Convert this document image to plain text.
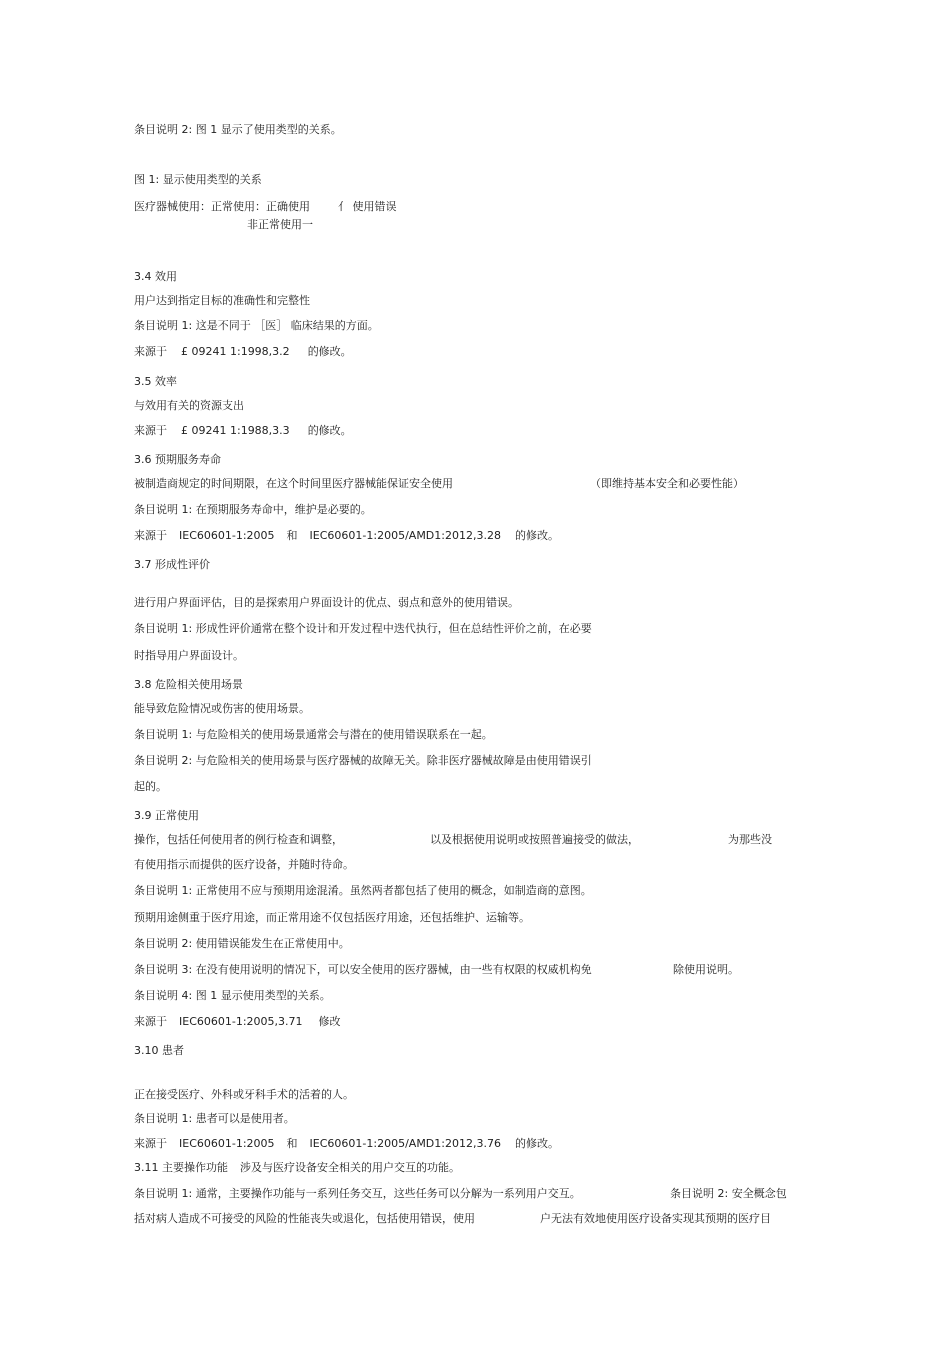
条目说明 2: 图 1 显示了使用类型的关系。
图 1: 显示使用类型的关系
医疗器械使用：正常使用：正确使用	亻 使用错误
非正常使用一
3.4 效用
用户达到指定目标的准确性和完整性
条目说明 1: 这是不同于 ［医］ 临床结果的方面。
来源于 £ 09241 1:1998,3.2 的修改。
3.5 效率
与效用有关的资源支出
来源于 £ 09241 1:1988,3.3 的修改。
3.6 预期服务寿命
被制造商规定的时间期限，在这个时间里医疗器械能保证安全使用	（即维持基本安全和必要性能）
条目说明 1: 在预期服务寿命中，维护是必要的。
来源于 IEC60601-1:2005 和 IEC60601-1:2005/AMD1:2012,3.28 的修改。
3.7 形成性评价
进行用户界面评估，目的是探索用户界面设计的优点、弱点和意外的使用错误。
条目说明 1: 形成性评价通常在整个设计和开发过程中迭代执行，但在总结性评价之前，在必要
时指导用户界面设计。
3.8 危险相关使用场景
能导致危险情况或伤害的使用场景。
条目说明 1: 与危险相关的使用场景通常会与潜在的使用错误联系在一起。
条目说明 2: 与危险相关的使用场景与医疗器械的故障无关。除非医疗器械故障是由使用错误引
起的。
3.9 正常使用
操作，包括任何使用者的例行检查和调整，	以及根据使用说明或按照普遍接受的做法，	为那些没
有使用指示而提供的医疗设备，并随时待命。
条目说明 1: 正常使用不应与预期用途混淆。虽然两者都包括了使用的概念，如制造商的意图。
预期用途侧重于医疗用途，而正常用途不仅包括医疗用途，还包括维护、运输等。
条目说明 2: 使用错误能发生在正常使用中。
条目说明 3: 在没有使用说明的情况下，可以安全使用的医疗器械，由一些有权限的权威机构免	除使用说明。
条目说明 4: 图 1 显示使用类型的关系。
来源于 IEC60601-1:2005,3.71 修改
3.10 患者
正在接受医疗、外科或牙科手术的活着的人。
条目说明 1: 患者可以是使用者。
来源于 IEC60601-1:2005 和 IEC60601-1:2005/AMD1:2012,3.76 的修改。
3.11 主要操作功能 涉及与医疗设备安全相关的用户交互的功能。
条目说明 1: 通常，主要操作功能与一系列任务交互，这些任务可以分解为一系列用户交互。	条目说明 2: 安全概念包
括对病人造成不可接受的风险的性能丧失或退化，包括使用错误，使用	户无法有效地使用医疗设备实现其预期的医疗目
